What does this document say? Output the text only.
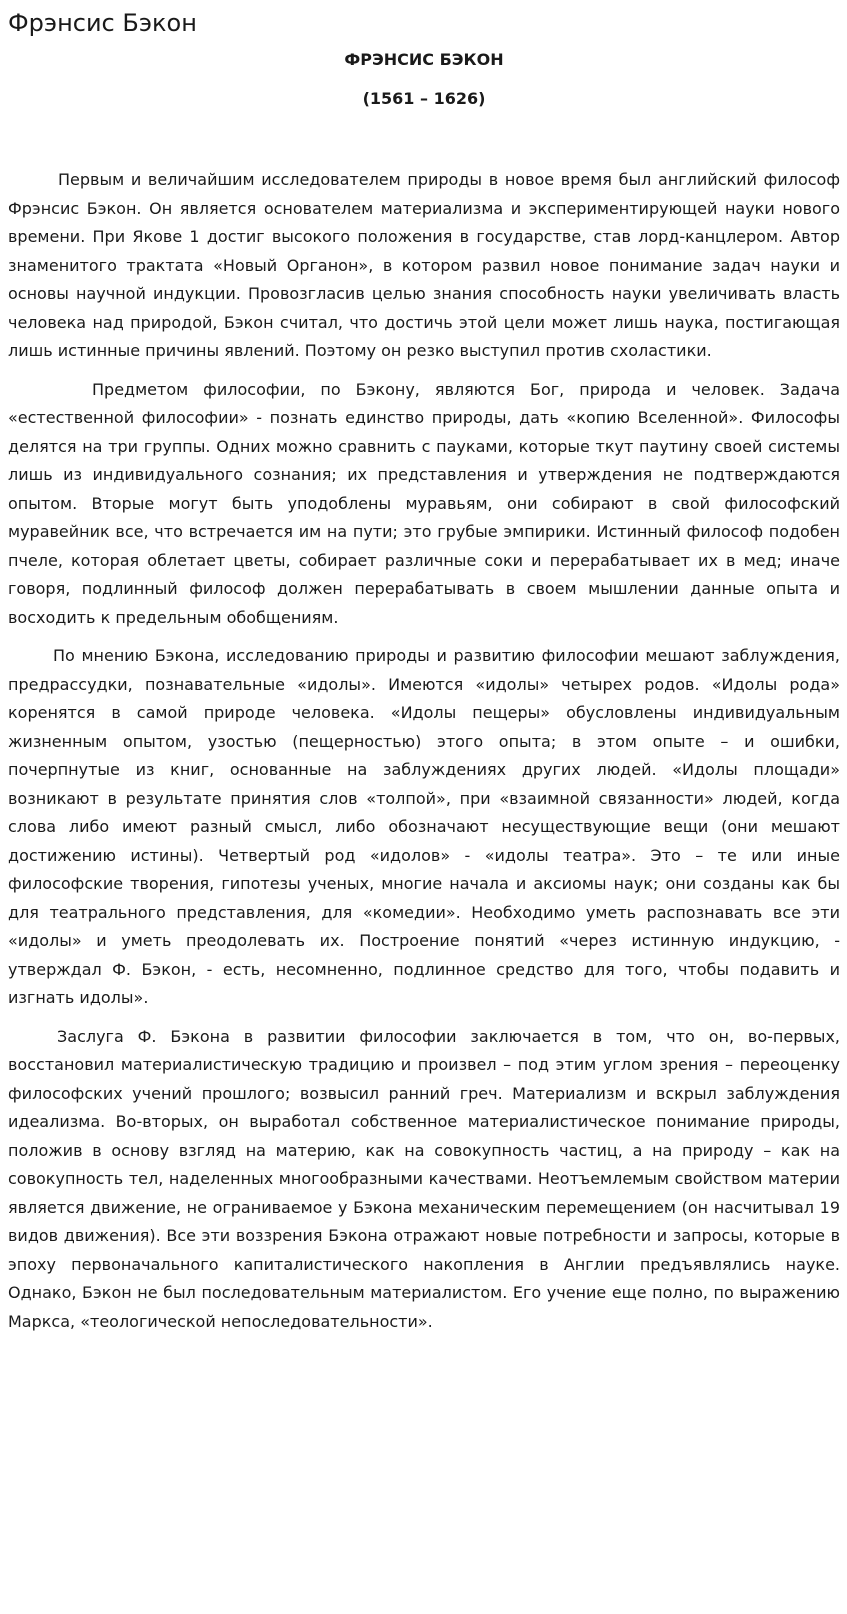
Фрэнсис Бэкон

ФРЭНСИС БЭКОН

(1561 – 1626)

Первым и величайшим исследователем природы в новое время был английский философ Фрэнсис Бэкон. Он является основателем материализма и экспериментирующей науки нового времени. При Якове 1 достиг высокого положения в государстве, став лорд-канцлером. Автор знаменитого трактата «Новый Органон», в котором развил новое понимание задач науки и основы научной индукции. Провозгласив целью знания способность науки увеличивать власть человека над природой, Бэкон считал, что достичь этой цели может лишь наука, постигающая лишь истинные причины явлений. Поэтому он резко выступил против схоластики.

Предметом философии, по Бэкону, являются Бог, природа и человек. Задача «естественной философии» - познать единство природы, дать «копию Вселенной». Философы делятся на три группы. Одних можно сравнить с пауками, которые ткут паутину своей системы лишь из индивидуального сознания; их представления и утверждения не подтверждаются опытом. Вторые могут быть уподоблены муравьям, они собирают в свой философский муравейник все, что встречается им на пути; это грубые эмпирики. Истинный философ подобен пчеле, которая облетает цветы, собирает различные соки и перерабатывает их в мед; иначе говоря, подлинный философ должен перерабатывать в своем мышлении данные опыта и восходить к предельным обобщениям.

По мнению Бэкона, исследованию природы и развитию философии мешают заблуждения, предрассудки, познавательные «идолы». Имеются «идолы» четырех родов. «Идолы рода» коренятся в самой природе человека. «Идолы пещеры» обусловлены индивидуальным жизненным опытом, узостью (пещерностью) этого опыта; в этом опыте – и ошибки, почерпнутые из книг, основанные на заблуждениях других людей. «Идолы площади» возникают в результате принятия слов «толпой», при «взаимной связанности» людей, когда слова либо имеют разный смысл, либо обозначают несуществующие вещи (они мешают достижению истины). Четвертый род «идолов» - «идолы театра». Это – те или иные философские творения, гипотезы ученых, многие начала и аксиомы наук; они созданы как бы для театрального представления, для «комедии». Необходимо уметь распознавать все эти «идолы» и уметь преодолевать их. Построение понятий «через истинную индукцию, - утверждал Ф. Бэкон, - есть, несомненно, подлинное средство для того, чтобы подавить и изгнать идолы».

Заслуга Ф. Бэкона в развитии философии заключается в том, что он, во-первых, восстановил материалистическую традицию и произвел – под этим углом зрения – переоценку философских учений прошлого; возвысил ранний греч. Материализм и вскрыл заблуждения идеализма. Во-вторых, он выработал собственное материалистическое понимание природы, положив в основу взгляд на материю, как на совокупность частиц, а на природу – как на совокупность тел, наделенных многообразными качествами. Неотъемлемым свойством материи является движение, не ограниваемое у Бэкона механическим перемещением (он насчитывал 19 видов движения). Все эти воззрения Бэкона отражают новые потребности и запросы, которые в эпоху первоначального капиталистического накопления в Англии предъявлялись науке. Однако, Бэкон не был последовательным материалистом. Его учение еще полно, по выражению Маркса, «теологической непоследовательности».
